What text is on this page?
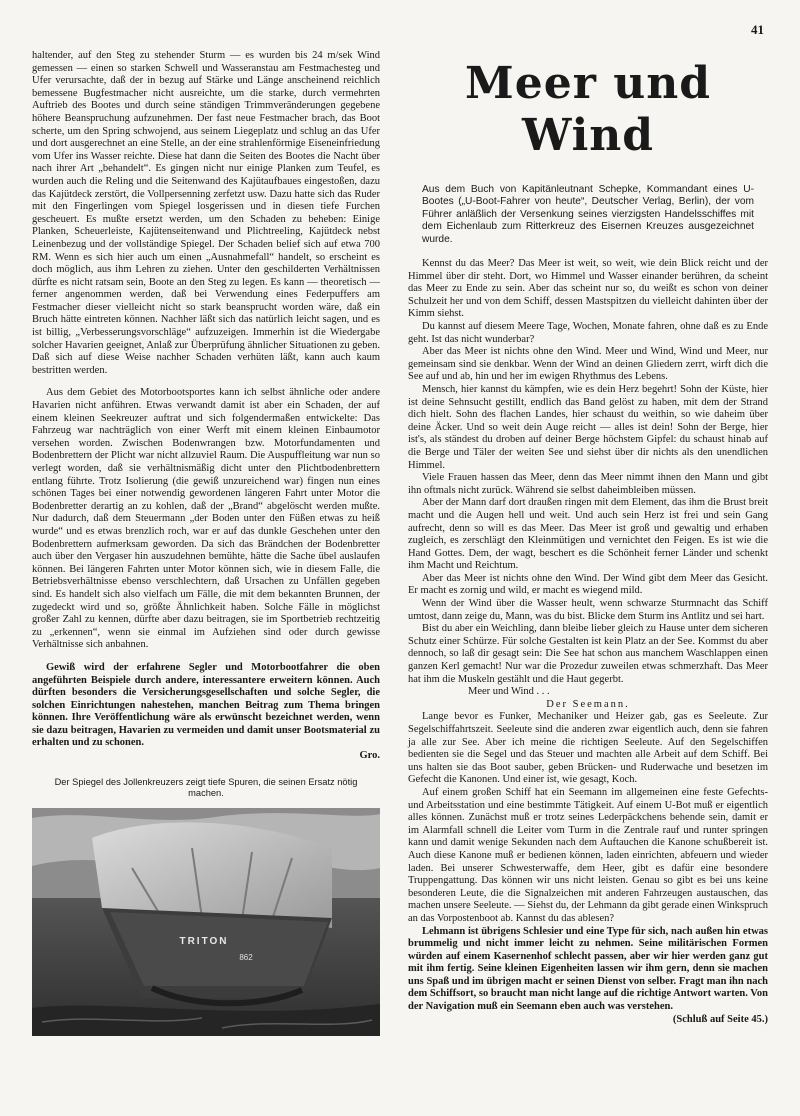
41

haltender, auf den Steg zu stehender Sturm — es wurden bis 24 m/sek Wind gemessen — einen so starken Schwell und Wasseranstau am Festmachesteg und Ufer verursachte, daß der in bezug auf Stärke und Länge anscheinend reichlich bemessene Bugfestmacher nicht ausreichte, um die starke, durch vermehrten Auftrieb des Bootes und durch seine ständigen Trimmveränderungen gegebene höhere Beanspruchung aufzunehmen. Der fast neue Festmacher brach, das Boot scherte, um den Spring schwojend, aus seinem Liegeplatz und schlug an das Ufer und dort ausgerechnet an eine Stelle, an der eine strahlenförmige Eiseneinfriedung vom Ufer ins Wasser reichte. Diese hat dann die Seiten des Bootes die Nacht über nach ihrer Art „behandelt“. Es gingen nicht nur einige Planken zum Teufel, es wurden auch die Reling und die Seitenwand des Kajütaufbaues eingestoßen, dazu das Kajütdeck zerstört, die Vollpersenning zerfetzt usw. Dazu hatte sich das Ruder mit den Fingerlingen vom Spiegel losgerissen und in diesen tiefe Furchen gescheuert. Es mußte ersetzt werden, um den Schaden zu beheben: Einige Planken, Scheuerleiste, Kajütenseitenwand und Plichtreeling, Kajütdeck nebst Leinenbezug und der vollständige Spiegel. Der Schaden belief sich auf etwa 700 RM. Wenn es sich hier auch um einen „Ausnahmefall“ handelt, so erscheint es doch möglich, aus ihm Lehren zu ziehen. Unter den geschilderten Verhältnissen dürfte es nicht ratsam sein, Boote an den Steg zu legen. Es kann — theoretisch — ferner angenommen werden, daß bei Verwendung eines Federpuffers am Festmacher dieser vielleicht nicht so stark beansprucht worden wäre, daß ein Bruch hätte eintreten können. Nachher läßt sich das natürlich leicht sagen, und es ist billig, „Verbesserungsvorschläge“ aufzuzeigen. Immerhin ist die Wiedergabe solcher Havarien geeignet, Anlaß zur Überprüfung ähnlicher Situationen zu geben. Daß sich auf diese Weise nachher Schaden verhüten läßt, kann auch kaum bestritten werden.

Aus dem Gebiet des Motorbootsportes kann ich selbst ähnliche oder andere Havarien nicht anführen. Etwas verwandt damit ist aber ein Schaden, der auf einem kleinen Seekreuzer auftrat und sich folgendermaßen entwickelte: Das Fahrzeug war nachträglich von einer Werft mit einem kleinen Einbaumotor versehen worden. Zwischen Bodenwrangen bzw. Motorfundamenten und Bodenbrettern der Plicht war nicht allzuviel Raum. Die Auspuffleitung war nun so verlegt worden, daß sie verhältnismäßig dicht unter den Plichtbodenbrettern entlang führte. Trotz Isolierung (die gewiß unzureichend war) fingen nun eines schönen Tages bei einer notwendig gewordenen längeren Fahrt unter Motor die Bodenbretter derartig an zu kohlen, daß der „Brand“ abgelöscht werden mußte. Nur dadurch, daß dem Steuermann „der Boden unter den Füßen etwas zu heiß wurde“ und es etwas brenzlich roch, war er auf das dunkle Geschehen unter den Bodenbrettern aufmerksam geworden. Da sich das Brändchen der Bodenbretter auch über den Vergaser hin auszudehnen bemühte, hätte die Sache übel auslaufen können. Bei längeren Fahrten unter Motor können sich, wie in diesem Falle, die Betriebsverhältnisse ebenso verschlechtern, daß Ursachen zu Unfällen gegeben sind. Es handelt sich also vielfach um Fälle, die mit dem bekannten Brunnen, der zugedeckt wird und so, größte Ähnlichkeit haben. Solche Fälle in möglichst großer Zahl zu kennen, dürfte aber dazu beitragen, sie im Sportbetrieb rechtzeitig zu „erkennen“, wenn sie einmal im Aufziehen sind oder durch gewisse Verhältnisse sich anbahnen.

Gewiß wird der erfahrene Segler und Motorbootfahrer die oben angeführten Beispiele durch andere, interessantere erweitern können. Auch dürften besonders die Versicherungsgesellschaften und solche Segler, die solchen Einrichtungen nahestehen, manchen Beitrag zum Thema bringen können. Ihre Veröffentlichung wäre als erwünscht bezeichnet werden, wenn sie dazu beitragen, Havarien zu vermeiden und damit unser Bootsmaterial zu erhalten und zu schonen.
Gro.

Der Spiegel des Jollenkreuzers zeigt tiefe Spuren, die seinen Ersatz nötig machen.
TRITON
862
Meer und Wind
Aus dem Buch von Kapitänleutnant Schepke, Kommandant eines U-Bootes („U-Boot-Fahrer von heute“, Deutscher Verlag, Berlin), der vom Führer anläßlich der Versenkung seines vierzigsten Handelsschiffes mit dem Eichenlaub zum Ritterkreuz des Eisernen Kreuzes ausgezeichnet wurde.

Kennst du das Meer? Das Meer ist weit, so weit, wie dein Blick reicht und der Himmel über dir steht. Dort, wo Himmel und Wasser einander berühren, da scheint das Meer zu Ende zu sein. Aber das scheint nur so, du weißt es schon von deiner Schulzeit her und von dem Schiff, dessen Mastspitzen du vielleicht dahinten über der Kimm siehst.

Du kannst auf diesem Meere Tage, Wochen, Monate fahren, ohne daß es zu Ende geht. Ist das nicht wunderbar?

Aber das Meer ist nichts ohne den Wind. Meer und Wind, Wind und Meer, nur gemeinsam sind sie denkbar. Wenn der Wind an deinen Gliedern zerrt, wirft dich die See auf und ab, hin und her im ewigen Rhythmus des Lebens.

Mensch, hier kannst du kämpfen, wie es dein Herz begehrt! Sohn der Küste, hier ist deine Sehnsucht gestillt, endlich das Band gelöst zu haben, mit dem der Strand dich hielt. Sohn des flachen Landes, hier schaust du weithin, so wie daheim über deine Äcker. Und so weit dein Auge reicht — alles ist dein! Sohn der Berge, hier ist's, als ständest du droben auf deiner Berge höchstem Gipfel: du schaust hinab auf die Berge und Täler der weiten See und siehst über dir nichts als den unendlichen Himmel.

Viele Frauen hassen das Meer, denn das Meer nimmt ihnen den Mann und gibt ihn oftmals nicht zurück. Während sie selbst daheimbleiben müssen.

Aber der Mann darf dort draußen ringen mit dem Element, das ihm die Brust breit macht und die Augen hell und weit. Und auch sein Herz ist frei und sein Gang aufrecht, denn so will es das Meer. Das Meer ist groß und gewaltig und erhaben zugleich, es zerschlägt den Kleinmütigen und vernichtet den Feigen. Es ist wie die Hand Gottes. Dem, der wagt, beschert es die Schönheit ferner Länder und schenkt ihm Macht und Reichtum.

Aber das Meer ist nichts ohne den Wind. Der Wind gibt dem Meer das Gesicht. Er macht es zornig und wild, er macht es wiegend mild.

Wenn der Wind über die Wasser heult, wenn schwarze Sturmnacht das Schiff umtost, dann zeige du, Mann, was du bist. Blicke dem Sturm ins Antlitz und sei hart.

Bist du aber ein Weichling, dann bleibe lieber gleich zu Hause unter dem sicheren Schutz einer Schürze. Für solche Gestalten ist kein Platz an der See. Kommst du aber dennoch, so laß dir gesagt sein: Die See hat schon aus manchem Waschlappen einen ganzen Kerl gemacht! Nur war die Prozedur zuweilen etwas schmerzhaft. Das Meer hat ihm die Muskeln gestählt und die Haut gegerbt.

Meer und Wind . . .

Der Seemann.

Lange bevor es Funker, Mechaniker und Heizer gab, gas es Seeleute. Zur Segelschiffahrtszeit. Seeleute sind die anderen zwar eigentlich auch, denn sie fahren ja alle zur See. Aber ich meine die richtigen Seeleute. Auf den Segelschiffen bedienten sie die Segel und das Steuer und machten alle Arbeit auf dem Schiff. Bei uns halten sie das Boot sauber, geben Brücken- und Ruderwache und besetzen im Gefecht die Kanonen. Und einer ist, wie gesagt, Koch.

Auf einem großen Schiff hat ein Seemann im allgemeinen eine feste Gefechts- und Arbeitsstation und eine bestimmte Tätigkeit. Auf einem U-Bot muß er eigentlich alles können. Zunächst muß er trotz seines Lederpäckchens behende sein, damit er im Alarmfall schnell die Leiter vom Turm in die Zentrale rauf und runter springen kann und damit wenige Sekunden nach dem Auftauchen die Kanone schußbereit ist. Auch diese Kanone muß er bedienen können, laden einrichten, abfeuern und wieder laden. Bei unserer Schwesterwaffe, dem Heer, gibt es dafür eine besondere Truppengattung. Das können wir uns nicht leisten. Genau so gibt es bei uns keine besonderen Leute, die die Signalzeichen mit anderen Fahrzeugen austauschen, das machen unsere Seeleute. — Siehst du, der Lehmann da gibt gerade einen Winkspruch an das Vorpostenboot ab. Kannst du das ablesen?

Lehmann ist übrigens Schlesier und eine Type für sich, nach außen hin etwas brummelig und nicht immer leicht zu nehmen. Seine militärischen Formen würden auf einem Kasernenhof schlecht passen, aber wir hier werden ganz gut mit ihm fertig. Seine kleinen Eigenheiten lassen wir ihm gern, denn sie machen uns Spaß und im übrigen macht er seinen Dienst von selber. Fragt man ihn nach dem Schiffsort, so braucht man nicht lange auf die richtige Antwort warten. Von der Navigation muß ein Seemann eben auch was verstehen.

(Schluß auf Seite 45.)
